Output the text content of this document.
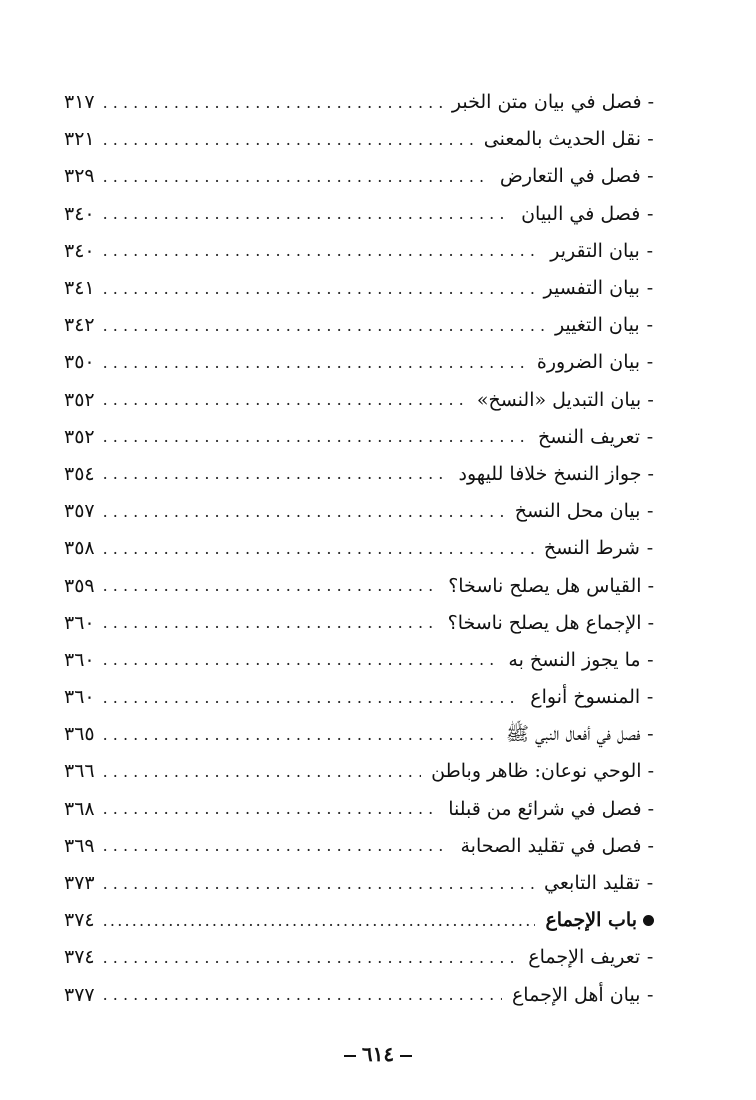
-
فصل في بيان متن الخبر
. . .
٣١٧
-
نقل الحديث بالمعنى
. . .
٣٢١
-
فصل في التعارض
. . .
٣٢٩
-
فصل في البيان
. . .
٣٤٠
-
بيان التقرير
. . .
٣٤٠
-
بيان التفسير
. . .
٣٤١
-
بيان التغيير
. . .
٣٤٢
-
بيان الضرورة
. . .
٣٥٠
-
بيان التبديل «النسخ»
. . .
٣٥٢
-
تعريف النسخ
. . .
٣٥٢
-
جواز النسخ خلافا لليهود
. . .
٣٥٤
-
بيان محل النسخ
. . .
٣٥٧
-
شرط النسخ
. . .
٣٥٨
-
القياس هل يصلح ناسخا؟
. . .
٣٥٩
-
الإجماع هل يصلح ناسخا؟
. . .
٣٦٠
-
ما يجوز النسخ به
. . .
٣٦٠
-
المنسوخ أنواع
. . .
٣٦٠
-
فصل في أفعال النبي ﷺ
. . .
٣٦٥
-
الوحي نوعان: ظاهر وباطن
. . .
٣٦٦
-
فصل في شرائع من قبلنا
. . .
٣٦٨
-
فصل في تقليد الصحابة
. . .
٣٦٩
-
تقليد التابعي
. . .
٣٧٣
باب الإجماع
.....
٣٧٤
-
تعريف الإجماع
. . .
٣٧٤
-
بيان أهل الإجماع
. . .
٣٧٧
٦١٤
